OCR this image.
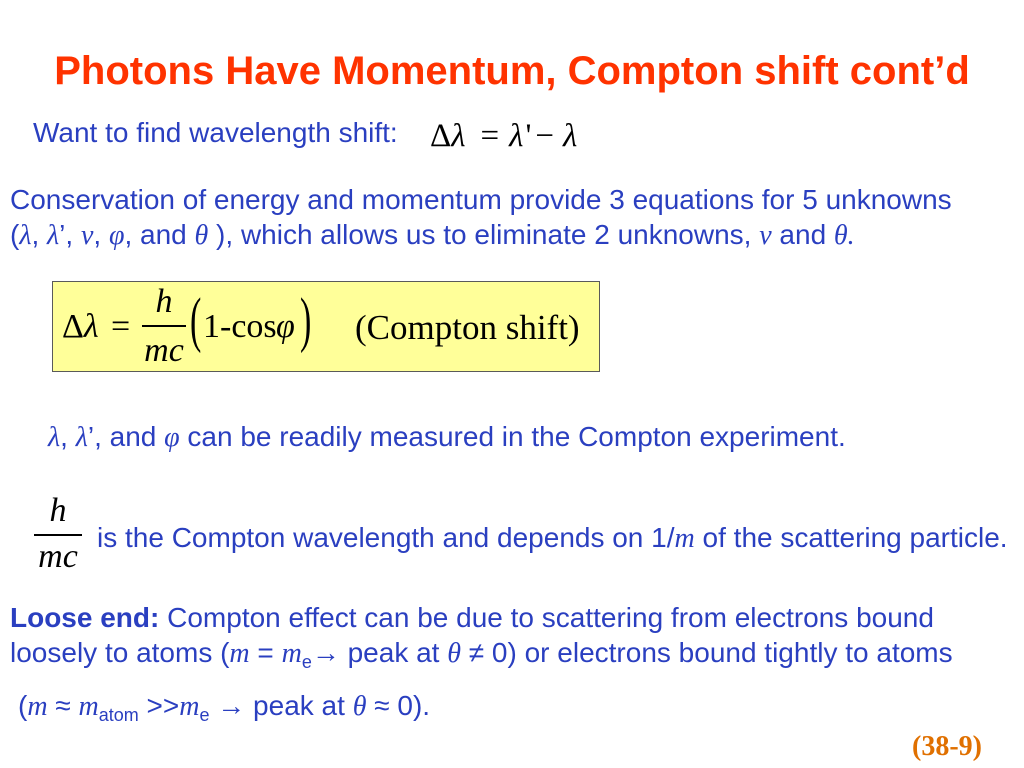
Photons Have Momentum, Compton shift cont’d
Want to find wavelength shift: Δλ = λ' − λ
Conservation of energy and momentum provide 3 equations for 5 unknowns
(λ, λ’, v, φ, and θ ), which allows us to eliminate 2 unknowns, v and θ.
Δλ =
h
mc ( 1-cos φ ) (Compton shift)
λ, λ’, and φ can be readily measured in the Compton experiment.
h
mc
is the Compton wavelength and depends on 1/m of the scattering particle.
Loose end: Compton effect can be due to scattering from electrons bound
loosely to atoms ($m = m_e\to$ peak at θ ≠ 0) or electrons bound tightly to atoms
($m \approx m_{atom} >>m_e$ → peak at θ ≈ 0).
(38-9)
